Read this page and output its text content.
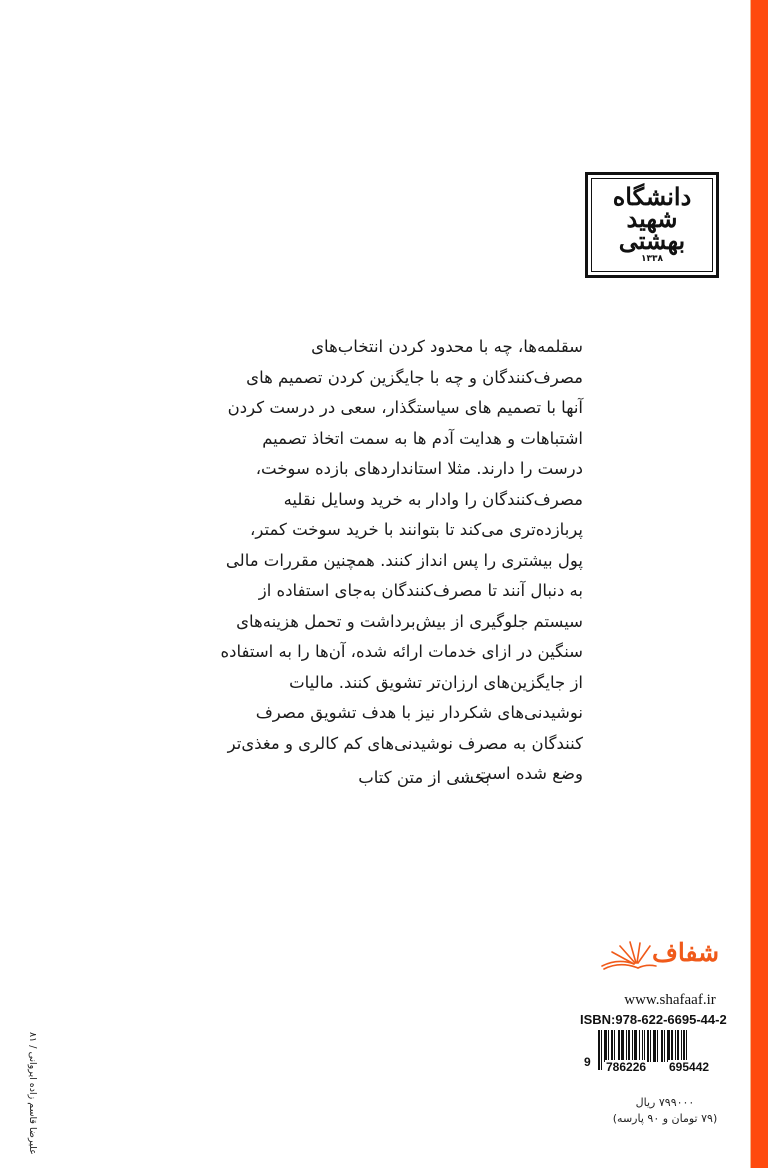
دانشگاه
شهید
بهشتی
۱۳۳۸
سقلمه‌ها، چه با محدود کردن انتخاب‌های
مصرف‌کنندگان و چه با جایگزین کردن تصمیم های
آنها با تصمیم های سیاستگذار، سعی در درست کردن
اشتباهات و هدایت آدم ها به سمت اتخاذ تصمیم
درست را دارند. مثلا استانداردهای بازده سوخت،
مصرف‌کنندگان را وادار به خرید وسایل نقلیه
پربازده‌تری می‌کند تا بتوانند با خرید سوخت کمتر،
پول بیشتری را پس انداز کنند. همچنین مقررات مالی
به دنبال آنند تا مصرف‌کنندگان به‌جای استفاده از
سیستم جلوگیری از بیش‌برداشت و تحمل هزینه‌های
سنگین در ازای خدمات ارائه شده، آن‌ها را به استفاده
از جایگزین‌های ارزان‌تر تشویق کنند. مالیات
نوشیدنی‌های شکردار نیز با هدف تشویق مصرف
کنندگان به مصرف نوشیدنی‌های کم کالری و مغذی‌تر
وضع شده است ...
بخشی از متن کتاب
شفاف
www.shafaaf.ir
ISBN:978-622-6695-44-2
9 786226 695442
۷۹۹۰۰۰ ریال
(۷۹ تومان و ۹۰ پارسه)
علیرضا قاسم زاده ایروانی / ۸۱
